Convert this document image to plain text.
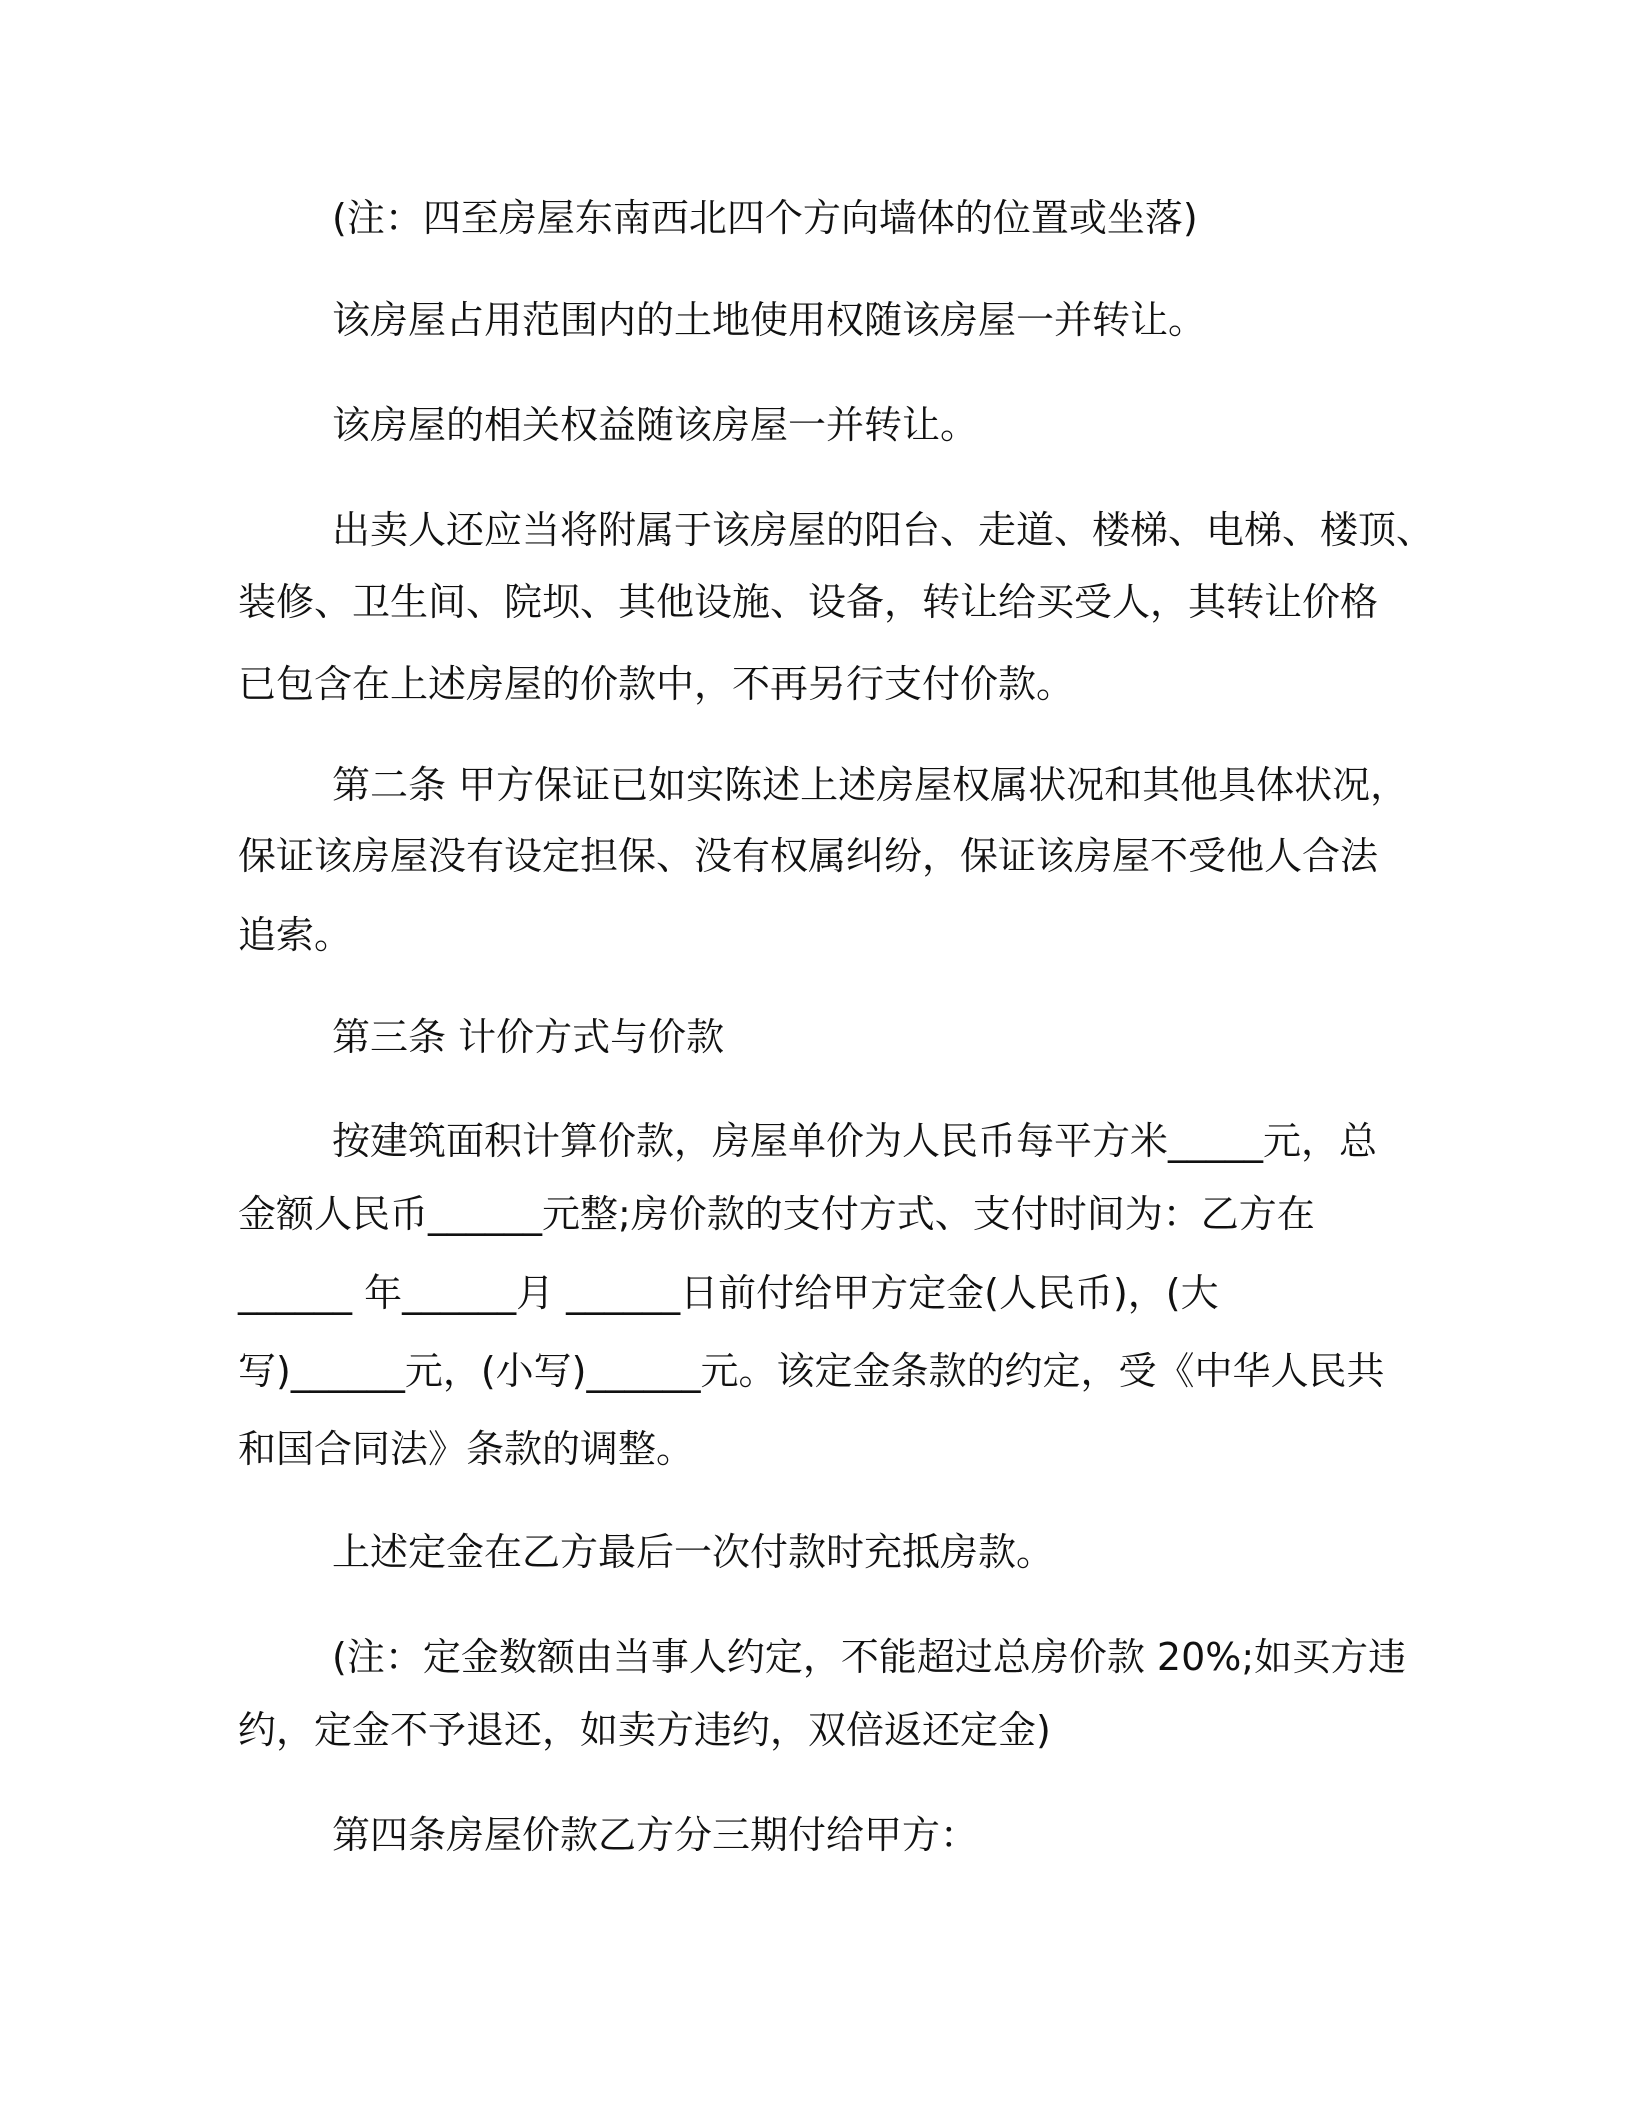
(注：四至房屋东南西北四个方向墙体的位置或坐落)

该房屋占用范围内的土地使用权随该房屋一并转让。

该房屋的相关权益随该房屋一并转让。

出卖人还应当将附属于该房屋的阳台、走道、楼梯、电梯、楼顶、

装修、卫生间、院坝、其他设施、设备，转让给买受人，其转让价格

已包含在上述房屋的价款中，不再另行支付价款。

第二条 甲方保证已如实陈述上述房屋权属状况和其他具体状况，

保证该房屋没有设定担保、没有权属纠纷，保证该房屋不受他人合法

追索。

第三条 计价方式与价款

按建筑面积计算价款，房屋单价为人民币每平方米_____元，总

金额人民币______元整;房价款的支付方式、支付时间为：乙方在

______ 年______月 ______日前付给甲方定金(人民币)，(大

写)______元，(小写)______元。该定金条款的约定，受《中华人民共

和国合同法》条款的调整。

上述定金在乙方最后一次付款时充抵房款。

(注：定金数额由当事人约定，不能超过总房价款 20%;如买方违

约，定金不予退还，如卖方违约，双倍返还定金)

第四条房屋价款乙方分三期付给甲方：
